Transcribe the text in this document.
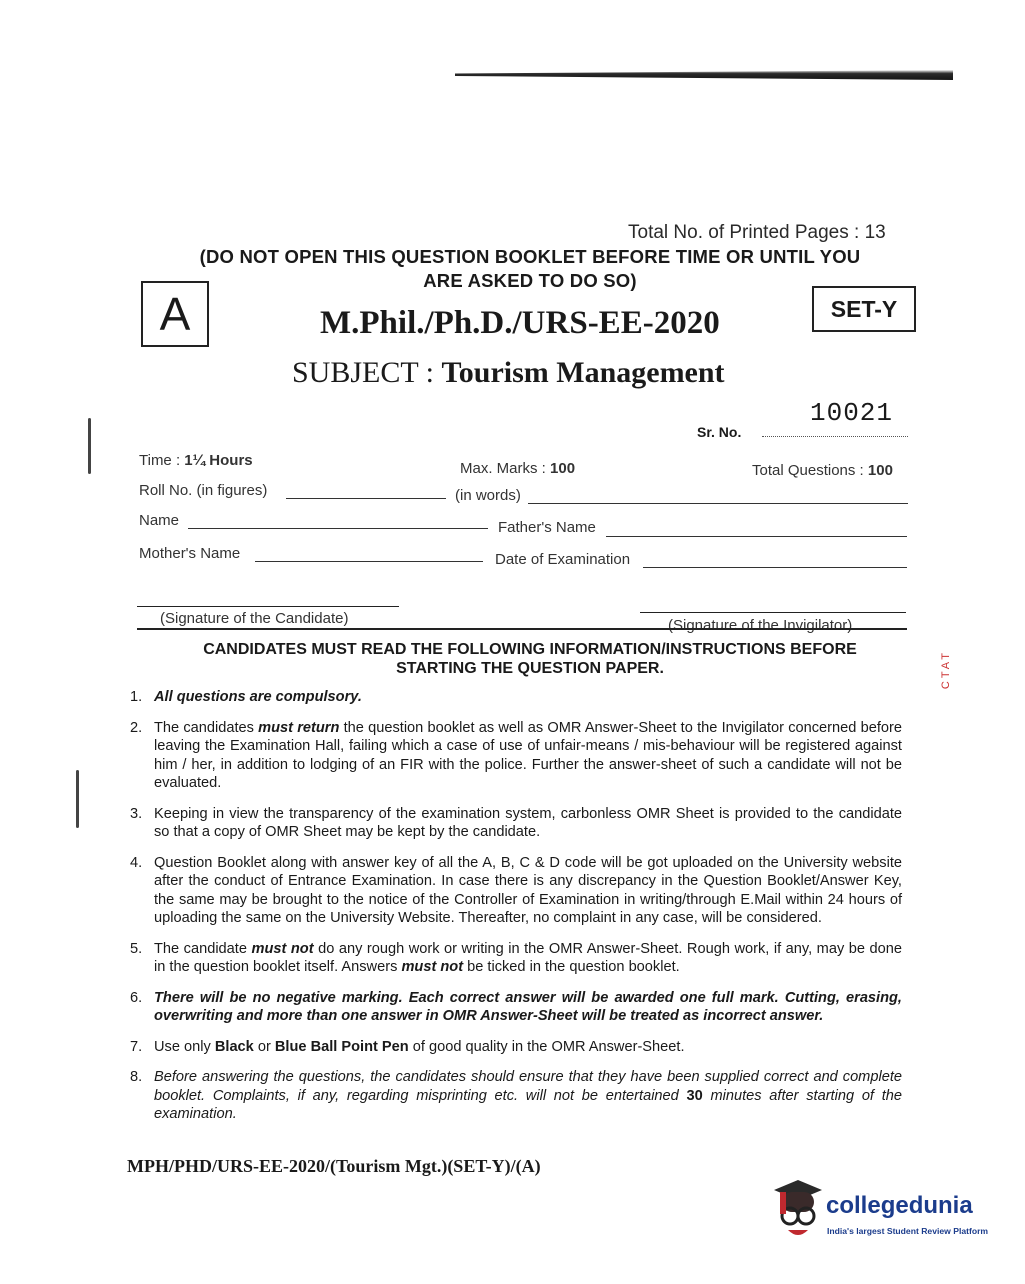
CTAT
Total No. of Printed Pages : 13
(DO NOT OPEN THIS QUESTION BOOKLET BEFORE TIME OR UNTIL YOU
ARE ASKED TO DO SO)
A	SET-Y
M.Phil./Ph.D./URS-EE-2020
SUBJECT : Tourism Management
10021
Sr. No.
Time : 1¼ Hours	Max. Marks : 100	Total Questions : 100
Roll No. (in figures)	(in words)
Name	Father's Name
Mother's Name	Date of Examination
(Signature of the Candidate)	(Signature of the Invigilator)
CANDIDATES MUST READ THE FOLLOWING INFORMATION/INSTRUCTIONS BEFORE
STARTING THE QUESTION PAPER.
1. All questions are compulsory.
2. The candidates must return the question booklet as well as OMR Answer-Sheet to the Invigilator concerned before leaving the Examination Hall, failing which a case of use of unfair-means / mis-behaviour will be registered against him / her, in addition to lodging of an FIR with the police. Further the answer-sheet of such a candidate will not be evaluated.
3. Keeping in view the transparency of the examination system, carbonless OMR Sheet is provided to the candidate so that a copy of OMR Sheet may be kept by the candidate.
4. Question Booklet along with answer key of all the A, B, C & D code will be got uploaded on the University website after the conduct of Entrance Examination. In case there is any discrepancy in the Question Booklet/Answer Key, the same may be brought to the notice of the Controller of Examination in writing/through E.Mail within 24 hours of uploading the same on the University Website. Thereafter, no complaint in any case, will be considered.
5. The candidate must not do any rough work or writing in the OMR Answer-Sheet. Rough work, if any, may be done in the question booklet itself. Answers must not be ticked in the question booklet.
6. There will be no negative marking. Each correct answer will be awarded one full mark. Cutting, erasing, overwriting and more than one answer in OMR Answer-Sheet will be treated as incorrect answer.
7. Use only Black or Blue Ball Point Pen of good quality in the OMR Answer-Sheet.
8. Before answering the questions, the candidates should ensure that they have been supplied correct and complete booklet. Complaints, if any, regarding misprinting etc. will not be entertained 30 minutes after starting of the examination.
MPH/PHD/URS-EE-2020/(Tourism Mgt.)(SET-Y)/(A)
collegedunia
India's largest Student Review Platform
